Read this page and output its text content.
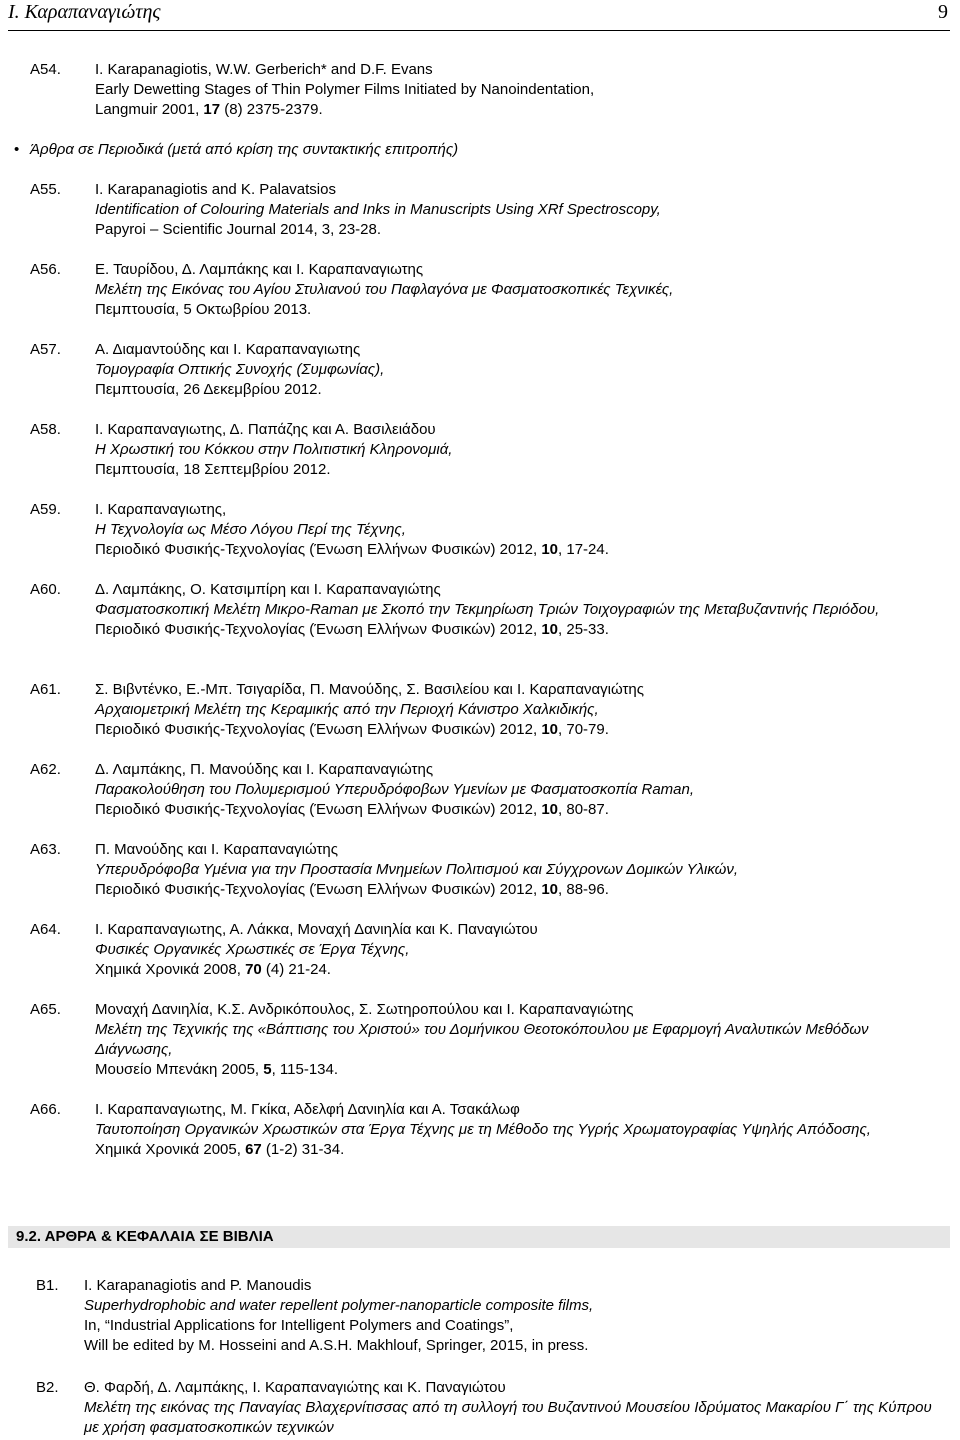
Ι. Καραπαναγιώτης	9
A54. I. Karapanagiotis, W.W. Gerberich* and D.F. Evans
Early Dewetting Stages of Thin Polymer Films Initiated by Nanoindentation,
Langmuir 2001, 17 (8) 2375-2379.
• Άρθρα σε Περιοδικά (μετά από κρίση της συντακτικής επιτροπής)
A55. I. Karapanagiotis and K. Palavatsios
Identification of Colouring Materials and Inks in Manuscripts Using XRf Spectroscopy,
Papyroi – Scientific Journal 2014, 3, 23-28.
A56. Ε. Ταυρίδου, Δ. Λαμπάκης και Ι. Καραπαναγιωτης
Μελέτη της Εικόνας του Αγίου Στυλιανού του Παφλαγόνα με Φασματοσκοπικές Τεχνικές,
Πεμπτουσία, 5 Οκτωβρίου 2013.
A57. Α. Διαμαντούδης και Ι. Καραπαναγιωτης
Τομογραφία Οπτικής Συνοχής (Συμφωνίας),
Πεμπτουσία, 26 Δεκεμβρίου 2012.
A58. Ι. Καραπαναγιωτης, Δ. Παπάζης και Α. Βασιλειάδου
Η Χρωστική του Κόκκου στην Πολιτιστική Κληρονομιά,
Πεμπτουσία, 18 Σεπτεμβρίου 2012.
A59. Ι. Καραπαναγιωτης,
Η Τεχνολογία ως Μέσο Λόγου Περί της Τέχνης,
Περιοδικό Φυσικής-Τεχνολογίας (Ένωση Ελλήνων Φυσικών) 2012, 10, 17-24.
A60. Δ. Λαμπάκης, Ο. Κατσιμπίρη και Ι. Καραπαναγιώτης
Φασματοσκοπική Μελέτη Μικρο-Raman με Σκοπό την Τεκμηρίωση Τριών Τοιχογραφιών της Μεταβυζαντινής Περιόδου,
Περιοδικό Φυσικής-Τεχνολογίας (Ένωση Ελλήνων Φυσικών) 2012, 10, 25-33.
A61. Σ. Βιβντένκο, Ε.-Μπ. Τσιγαρίδα, Π. Μανούδης, Σ. Βασιλείου και Ι. Καραπαναγιώτης
Αρχαιομετρική Μελέτη της Κεραμικής από την Περιοχή Κάνιστρο Χαλκιδικής,
Περιοδικό Φυσικής-Τεχνολογίας (Ένωση Ελλήνων Φυσικών) 2012, 10, 70-79.
A62. Δ. Λαμπάκης, Π. Μανούδης και Ι. Καραπαναγιώτης
Παρακολούθηση του Πολυμερισμού Υπερυδρόφοβων Υμενίων με Φασματοσκοπία Raman,
Περιοδικό Φυσικής-Τεχνολογίας (Ένωση Ελλήνων Φυσικών) 2012, 10, 80-87.
A63. Π. Μανούδης και Ι. Καραπαναγιώτης
Υπερυδρόφοβα Υμένια για την Προστασία Μνημείων Πολιτισμού και Σύγχρονων Δομικών Υλικών,
Περιοδικό Φυσικής-Τεχνολογίας (Ένωση Ελλήνων Φυσικών) 2012, 10, 88-96.
A64. Ι. Καραπαναγιωτης, Α. Λάκκα, Μοναχή Δανιηλία και Κ. Παναγιώτου
Φυσικές Οργανικές Χρωστικές σε Έργα Τέχνης,
Χημικά Χρονικά 2008, 70 (4) 21-24.
A65. Μοναχή Δανιηλία, Κ.Σ. Ανδρικόπουλος, Σ. Σωτηροπούλου και Ι. Καραπαναγιώτης
Μελέτη της Τεχνικής της «Βάπτισης του Χριστού» του Δομήνικου Θεοτοκόπουλου με Εφαρμογή Αναλυτικών Μεθόδων Διάγνωσης,
Μουσείο Μπενάκη 2005, 5, 115-134.
A66. Ι. Καραπαναγιωτης, Μ. Γκίκα, Αδελφή Δανιηλία και Α. Τσακάλωφ
Ταυτοποίηση Οργανικών Χρωστικών στα Έργα Τέχνης με τη Μέθοδο της Υγρής Χρωματογραφίας Υψηλής Απόδοσης,
Χημικά Χρονικά 2005, 67 (1-2) 31-34.
9.2. ΑΡΘΡΑ & ΚΕΦΑΛΑΙΑ ΣΕ ΒΙΒΛΙΑ
B1. I. Karapanagiotis and P. Manoudis
Superhydrophobic and water repellent polymer-nanoparticle composite films,
In, “Industrial Applications for Intelligent Polymers and Coatings”,
Will be edited by M. Hosseini and A.S.H. Makhlouf, Springer, 2015, in press.
B2. Θ. Φαρδή, Δ. Λαμπάκης, Ι. Καραπαναγιώτης και Κ. Παναγιώτου
Μελέτη της εικόνας της Παναγίας Βλαχερνίτισσας από τη συλλογή του Βυζαντινού Μουσείου Ιδρύματος Μακαρίου Γ΄ της Κύπρου με χρήση φασματοσκοπικών τεχνικών
